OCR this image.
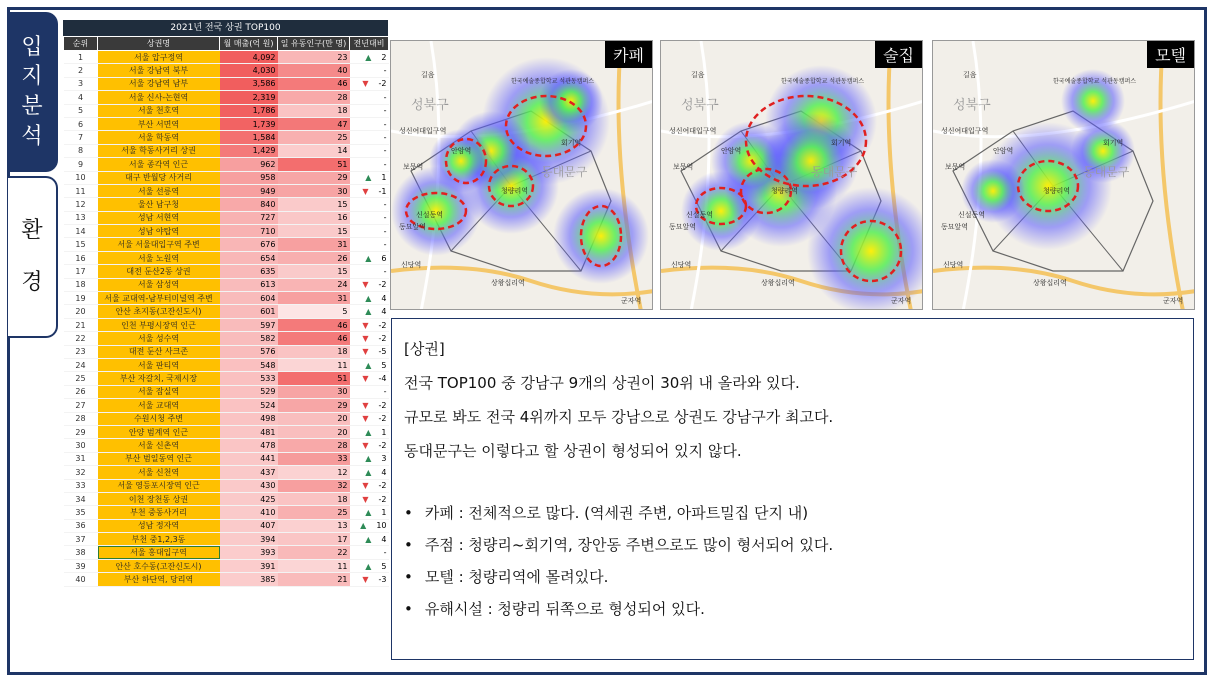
입
지
분
석
환
경
2021년 전국 상권 TOP100
순위	상권명	월 매출(억 원)	일 유동인구(만 명)	전년대비
1	서울 압구정역	4,092	23	▲ 2
2	서울 강남역 북부	4,030	40	-
3	서울 강남역 남부	3,586	46	▼ -2
4	서울 신사-논현역	2,319	28	-
5	서울 천호역	1,786	18	-
6	부산 서면역	1,739	47	-
7	서울 학동역	1,584	25	-
8	서울 학동사거리 상권	1,429	14	-
9	서울 종각역 인근	962	51	-
10	대구 반월당 사거리	958	29	▲ 1
11	서울 선릉역	949	30	▼ -1
12	울산 남구청	840	15	-
13	성남 서현역	727	16	-
14	성남 야탑역	710	15	-
15	서울 서울대입구역 주변	676	31	-
16	서울 노원역	654	26	▲ 6
17	대전 둔산2동 상권	635	15	-
18	서울 삼성역	613	24	▼ -2
19	서울 교대역-남부터미널역 주변	604	31	▲ 4
20	안산 초지동(고잔신도시)	601	5	▲ 4
21	인천 부평시장역 인근	597	46	▼ -2
22	서울 성수역	582	46	▼ -2
23	대전 둔산 사크존	576	18	▼ -5
24	서울 판티역	548	11	▲ 5
25	부산 자갈치, 국제시장	533	51	▼ -4
26	서울 잠실역	529	30	-
27	서울 교대역	524	29	▼ -2
28	수원시청 주변	498	20	▼ -2
29	안양 범계역 인근	481	20	▲ 1
30	서울 신촌역	478	28	▼ -2
31	부산 범일동역 인근	441	33	▲ 3
32	서울 신천역	437	12	▲ 4
33	서울 영등포시장역 인근	430	32	▼ -2
34	이천 장천동 상권	425	18	▼ -2
35	부천 중동사거리	410	25	▲ 1
36	성남 정자역	407	13	▲ 10
37	부천 중1,2,3동	394	17	▲ 4
38	서울 홍대입구역	393	22	-
39	안산 호수동(고잔신도시)	391	11	▲ 5
40	부산 하단역, 당리역	385	21	▼ -3
성북구
동대문구
성신여대입구역
보문역
신설동역
청량리역
회기역
신당역
상왕십리역
동묘앞역
길음
한국예술종합학교 석관동캠퍼스
안암역
군자역
카페
성북구
동대문구
성신여대입구역
보문역
신설동역
청량리역
회기역
신당역
상왕십리역
동묘앞역
길음
한국예술종합학교 석관동캠퍼스
안암역
군자역
술집
성북구
동대문구
성신여대입구역
보문역
신설동역
청량리역
회기역
신당역
상왕십리역
동묘앞역
길음
한국예술종합학교 석관동캠퍼스
안암역
군자역
모텔

[상권]

전국 TOP100 중 강남구 9개의 상권이 30위 내 올라와 있다.

규모로 봐도 전국 4위까지 모두 강남으로 상권도 강남구가 최고다.

동대문구는 이렇다고 할 상권이 형성되어 있지 않다.

• 카페 : 전체적으로 많다. (역세권 주변, 아파트밀집 단지 내)
• 주점 : 청량리~회기역, 장안동 주변으로도 많이 형서되어 있다.
• 모텔 : 청량리역에 몰려있다.
• 유해시설 : 청량리 뒤쪽으로 형성되어 있다.
